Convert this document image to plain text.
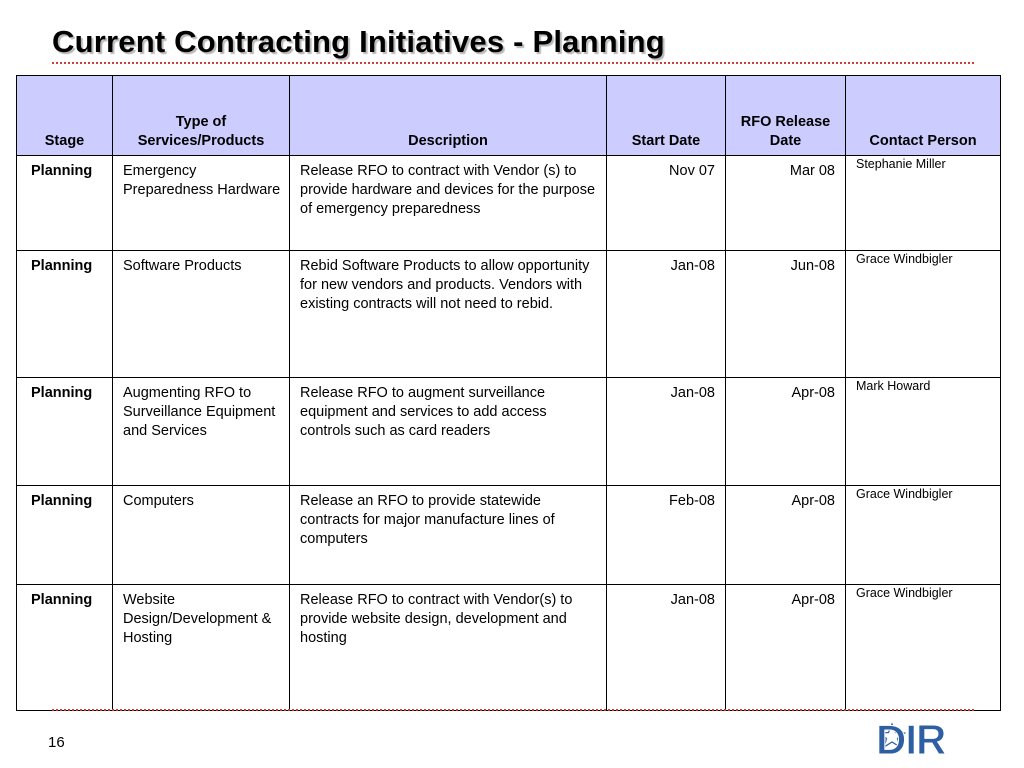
Current Contracting Initiatives - Planning
Stage	Type of Services/Products	Description	Start Date	RFO Release Date	Contact Person

Planning	Emergency Preparedness Hardware	Release RFO to contract with Vendor (s) to provide hardware and devices for the purpose of emergency preparedness	Nov 07	Mar 08	Stephanie Miller

Planning	Software Products	Rebid Software Products to allow opportunity for new vendors and products. Vendors with existing contracts will not need to rebid.	Jan-08	Jun-08	Grace Windbigler

Planning	Augmenting RFO to Surveillance Equipment and Services	Release RFO to augment surveillance equipment and services to add access controls such as card readers	Jan-08	Apr-08	Mark Howard

Planning	Computers	Release an RFO to provide statewide contracts for major manufacture lines of computers	Feb-08	Apr-08	Grace Windbigler

Planning	Website Design/Development & Hosting	Release RFO to contract with Vendor(s) to provide website design, development and hosting	Jan-08	Apr-08	Grace Windbigler
16	DIR
